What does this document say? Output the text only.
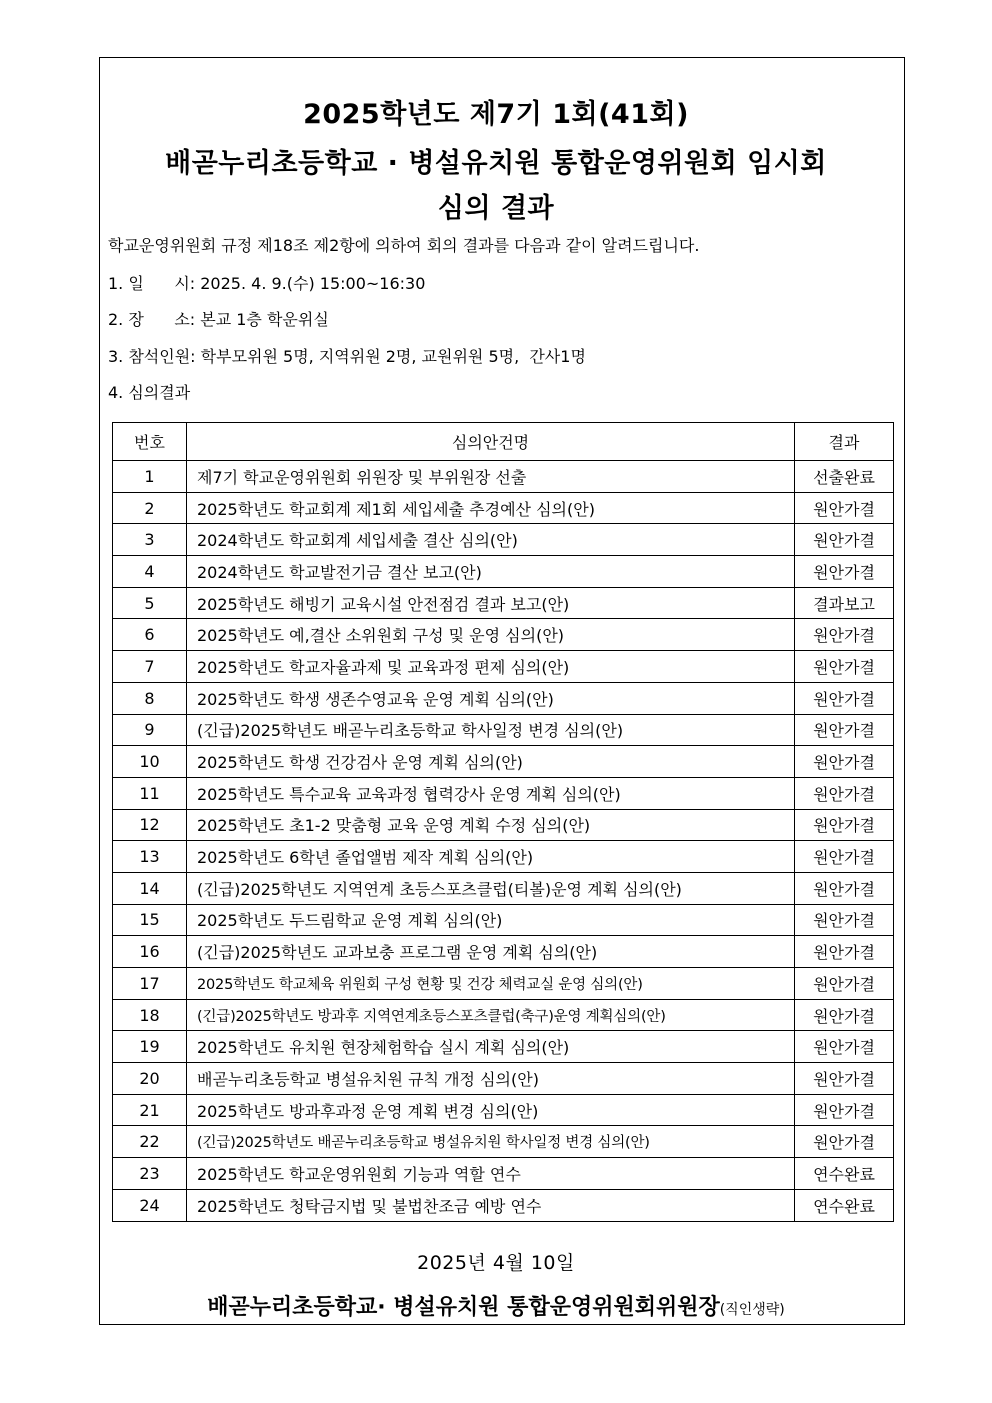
2025학년도 제7기 1회(41회)
배곧누리초등학교 · 병설유치원 통합운영위원회 임시회
심의 결과
학교운영위원회 규정 제18조 제2항에 의하여 회의 결과를 다음과 같이 알려드립니다.
1. 일      시: 2025. 4. 9.(수) 15:00~16:30
2. 장      소: 본교 1층 학운위실
3. 참석인원: 학부모위원 5명, 지역위원 2명, 교원위원 5명,  간사1명
4. 심의결과
번호	심의안건명	결과
1	제7기 학교운영위원회 위원장 및 부위원장 선출	선출완료
2	2025학년도 학교회계 제1회 세입세출 추경예산 심의(안)	원안가결
3	2024학년도 학교회계 세입세출 결산 심의(안)	원안가결
4	2024학년도 학교발전기금 결산 보고(안)	원안가결
5	2025학년도 해빙기 교육시설 안전점검 결과 보고(안)	결과보고
6	2025학년도 예,결산 소위원회 구성 및 운영 심의(안)	원안가결
7	2025학년도 학교자율과제 및 교육과정 편제 심의(안)	원안가결
8	2025학년도 학생 생존수영교육 운영 계획 심의(안)	원안가결
9	(긴급)2025학년도 배곧누리초등학교 학사일정 변경 심의(안)	원안가결
10	2025학년도 학생 건강검사 운영 계획 심의(안)	원안가결
11	2025학년도 특수교육 교육과정 협력강사 운영 계획 심의(안)	원안가결
12	2025학년도 초1-2 맞춤형 교육 운영 계획 수정 심의(안)	원안가결
13	2025학년도 6학년 졸업앨범 제작 계획 심의(안)	원안가결
14	(긴급)2025학년도 지역연계 초등스포츠클럽(티볼)운영 계획 심의(안)	원안가결
15	2025학년도 두드림학교 운영 계획 심의(안)	원안가결
16	(긴급)2025학년도 교과보충 프로그램 운영 계획 심의(안)	원안가결
17	2025학년도 학교체육 위원회 구성 현황 및 건강 체력교실 운영 심의(안)	원안가결
18	(긴급)2025학년도 방과후 지역연계초등스포츠클럽(축구)운영 계획심의(안)	원안가결
19	2025학년도 유치원 현장체험학습 실시 계획 심의(안)	원안가결
20	배곧누리초등학교 병설유치원 규칙 개정 심의(안)	원안가결
21	2025학년도 방과후과정 운영 계획 변경 심의(안)	원안가결
22	(긴급)2025학년도 배곧누리초등학교 병설유치원 학사일정 변경 심의(안)	원안가결
23	2025학년도 학교운영위원회 기능과 역할 연수	연수완료
24	2025학년도 청탁금지법 및 불법찬조금 예방 연수	연수완료
2025년 4월 10일
배곧누리초등학교· 병설유치원 통합운영위원회위원장(직인생략)
